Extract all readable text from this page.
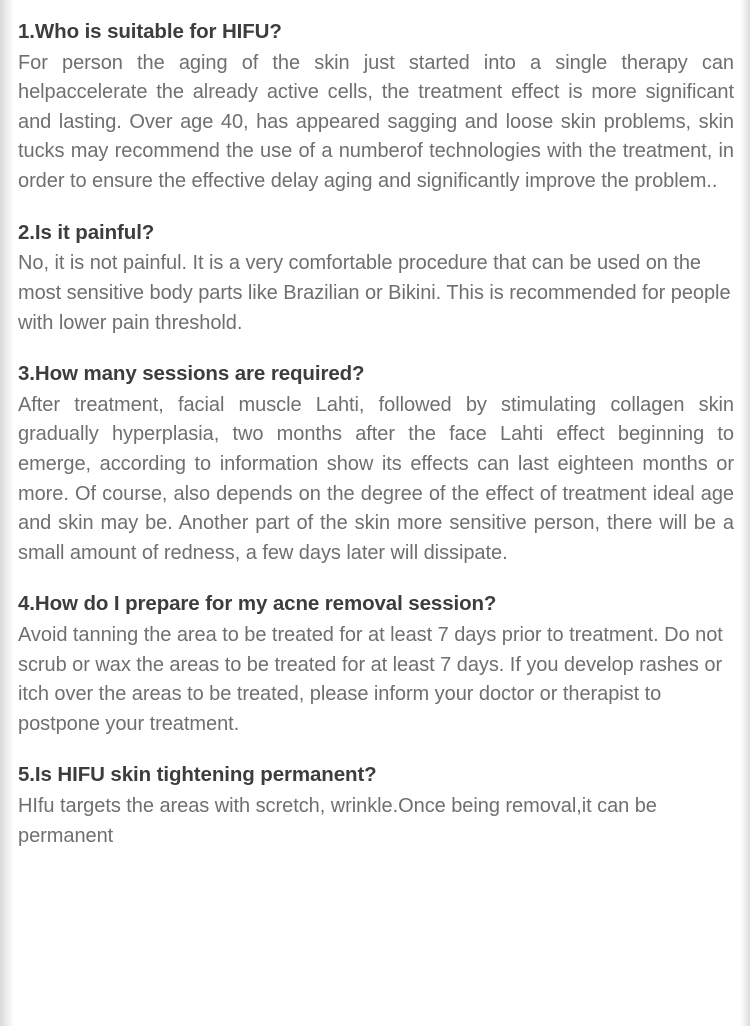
1.Who is suitable for HIFU?

For person the aging of the skin just started into a single therapy can helpaccelerate the already active cells, the treatment effect is more significant and lasting. Over age 40, has appeared sagging and loose skin problems, skin tucks may recommend the use of a numberof technologies with the treatment, in order to ensure the effective delay aging and significantly improve the problem..

2.Is it painful?

No, it is not painful. It is a very comfortable procedure that can be used on the most sensitive body parts like Brazilian or Bikini. This is recommended for people with lower pain threshold.

3.How many sessions are required?

After treatment, facial muscle Lahti, followed by stimulating collagen skin gradually hyperplasia, two months after the face Lahti effect beginning to emerge, according to information show its effects can last eighteen months or more. Of course, also depends on the degree of the effect of treatment ideal age and skin may be. Another part of the skin more sensitive person, there will be a small amount of redness, a few days later will dissipate.

4.How do I prepare for my acne removal session?

Avoid tanning the area to be treated for at least 7 days prior to treatment. Do not scrub or wax the areas to be treated for at least 7 days. If you develop rashes or itch over the areas to be treated, please inform your doctor or therapist to postpone your treatment.

5.Is HIFU skin tightening permanent?

HIfu targets the areas with scretch, wrinkle.Once being removal,it can be permanent
